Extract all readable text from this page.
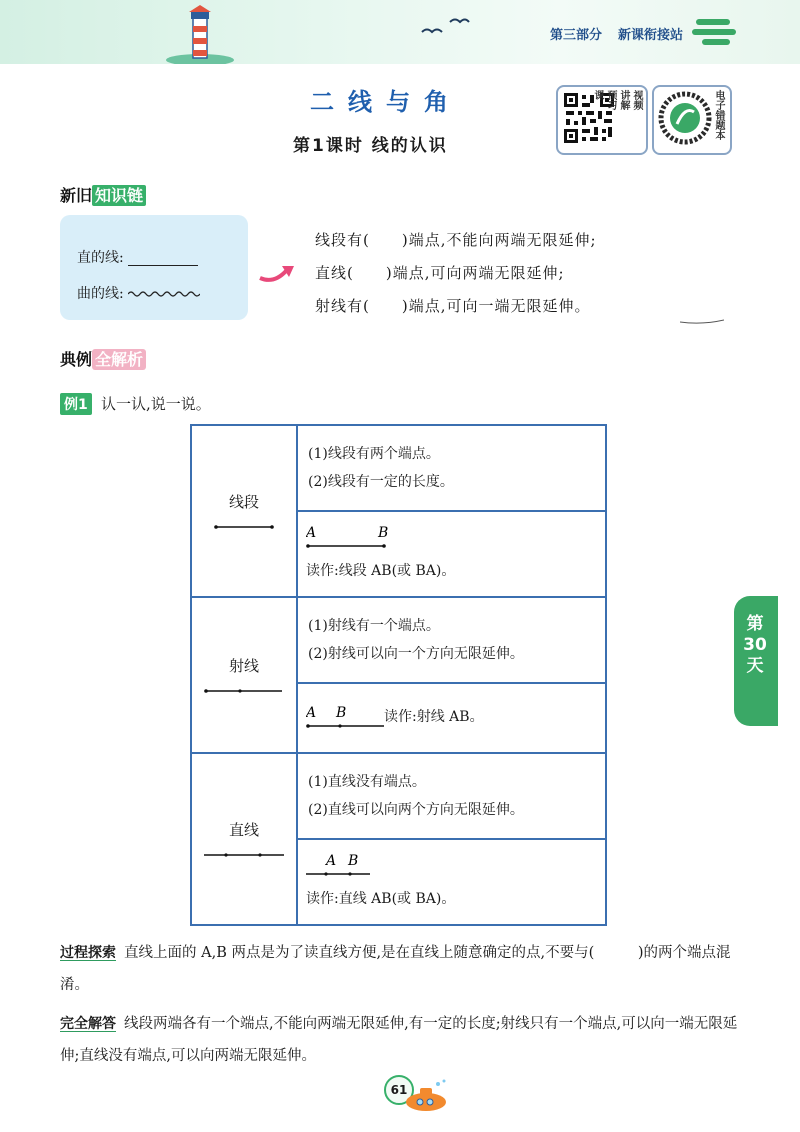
第三部分 新课衔接站
二线与角
第1课时 线的认识
视频
讲解
预习
课	电子错题本
新旧 知识链
直的线:
曲的线:
线段有(　　)端点,不能向两端无限延伸;
直线(　　)端点,可向两端无限延伸;
射线有(　　)端点,可向一端无限延伸。
典例 全解析
例1 认一认,说一说。
线段	(1)线段有两个端点。
(2)线段有一定的长度。

A B
读作:线段 AB(或 BA)。

射线	(1)射线有一个端点。
(2)射线可以向一个方向无限延伸。

A B 读作:射线 AB。

直线	(1)直线没有端点。
(2)直线可以向两个方向无限延伸。

A B
读作:直线 AB(或 BA)。
过程探索 直线上面的 A,B 两点是为了读直线方便,是在直线上随意确定的点,不要与(　　　)的两个端点混淆。
完全解答 线段两端各有一个端点,不能向两端无限延伸,有一定的长度;射线只有一个端点,可以向一端无限延伸;直线没有端点,可以向两端无限延伸。
第30天
61
